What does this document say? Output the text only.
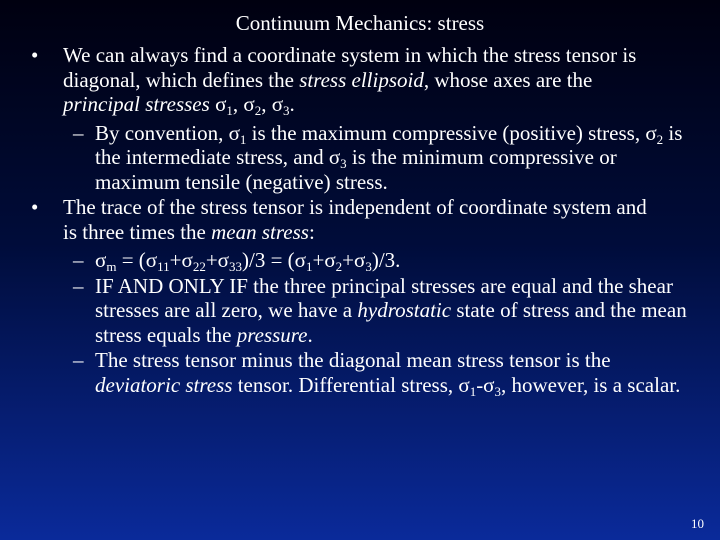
Continuum Mechanics: stress
• We can always find a coordinate system in which the stress tensor is diagonal, which defines the stress ellipsoid, whose axes are the principal stresses $\sigma_1$, $\sigma_2$, $\sigma_3$.
– By convention, $\sigma_1$ is the maximum compressive (positive) stress, $\sigma_2$ is the intermediate stress, and $\sigma_3$ is the minimum compressive or maximum tensile (negative) stress.
• The trace of the stress tensor is independent of coordinate system and is three times the mean stress:
– $\sigma_m = (\sigma_{11}+\sigma_{22}+\sigma_{33})/3 = (\sigma_1+\sigma_2+\sigma_3)/3$.
– IF AND ONLY IF the three principal stresses are equal and the shear stresses are all zero, we have a hydrostatic state of stress and the mean stress equals the pressure.
– The stress tensor minus the diagonal mean stress tensor is the deviatoric stress tensor. Differential stress, $\sigma_1-\sigma_3$, however, is a scalar.
10
